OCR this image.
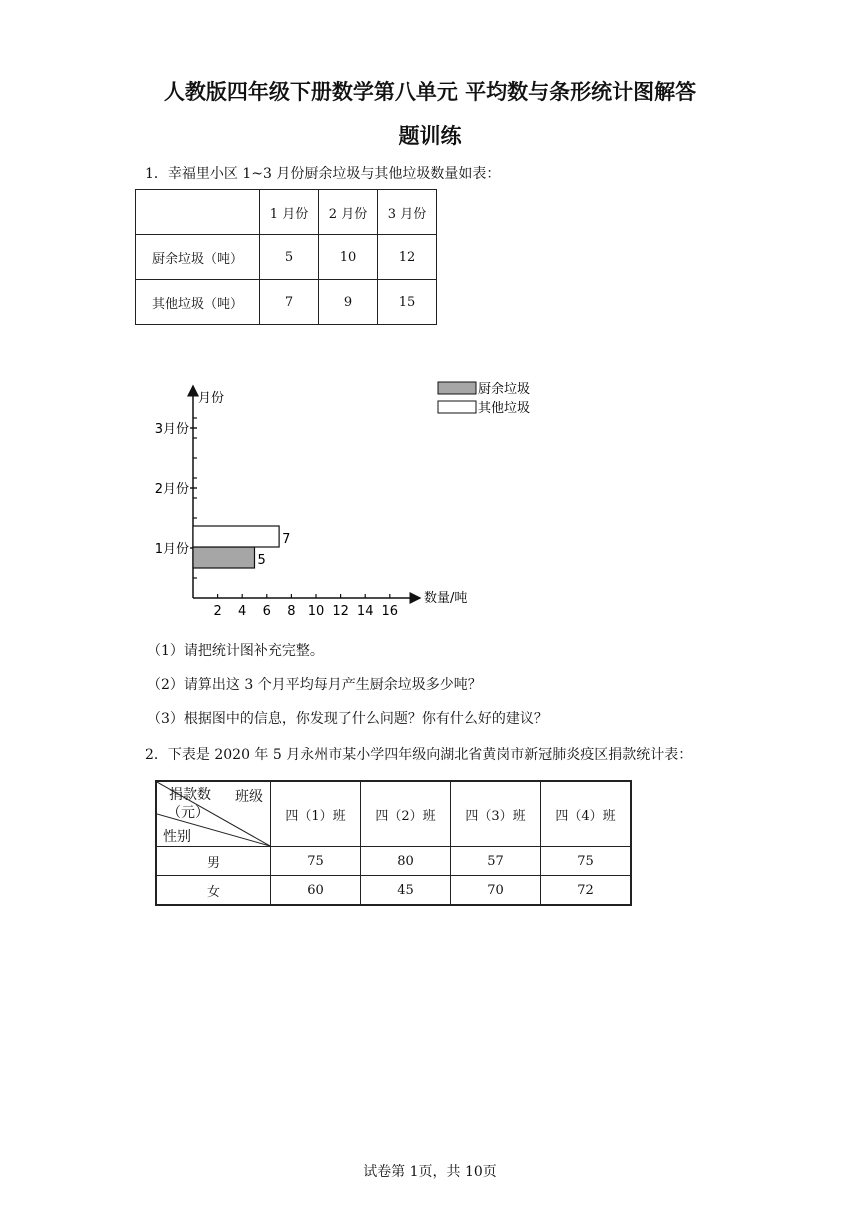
人教版四年级下册数学第八单元 平均数与条形统计图解答
题训练
1．幸福里小区 1~3 月份厨余垃圾与其他垃圾数量如表：
	1 月份	2 月份	3 月份
厨余垃圾（吨）	5	10	12
其他垃圾（吨）	7	9	15
月份
数量/吨
1月份
2月份
3月份
2 4 6 8 10 12 14 16
5
7
厨余垃圾
其他垃圾
（1）请把统计图补充完整。
（2）请算出这 3 个月平均每月产生厨余垃圾多少吨？
（3）根据图中的信息，你发现了什么问题？你有什么好的建议？
2．下表是 2020 年 5 月永州市某小学四年级向湖北省黄岗市新冠肺炎疫区捐款统计表：
班级
捐款数
（元）
性别	四（1）班	四（2）班	四（3）班	四（4）班
男	75	80	57	75
女	60	45	70	72
试卷第 1页，共 10页
